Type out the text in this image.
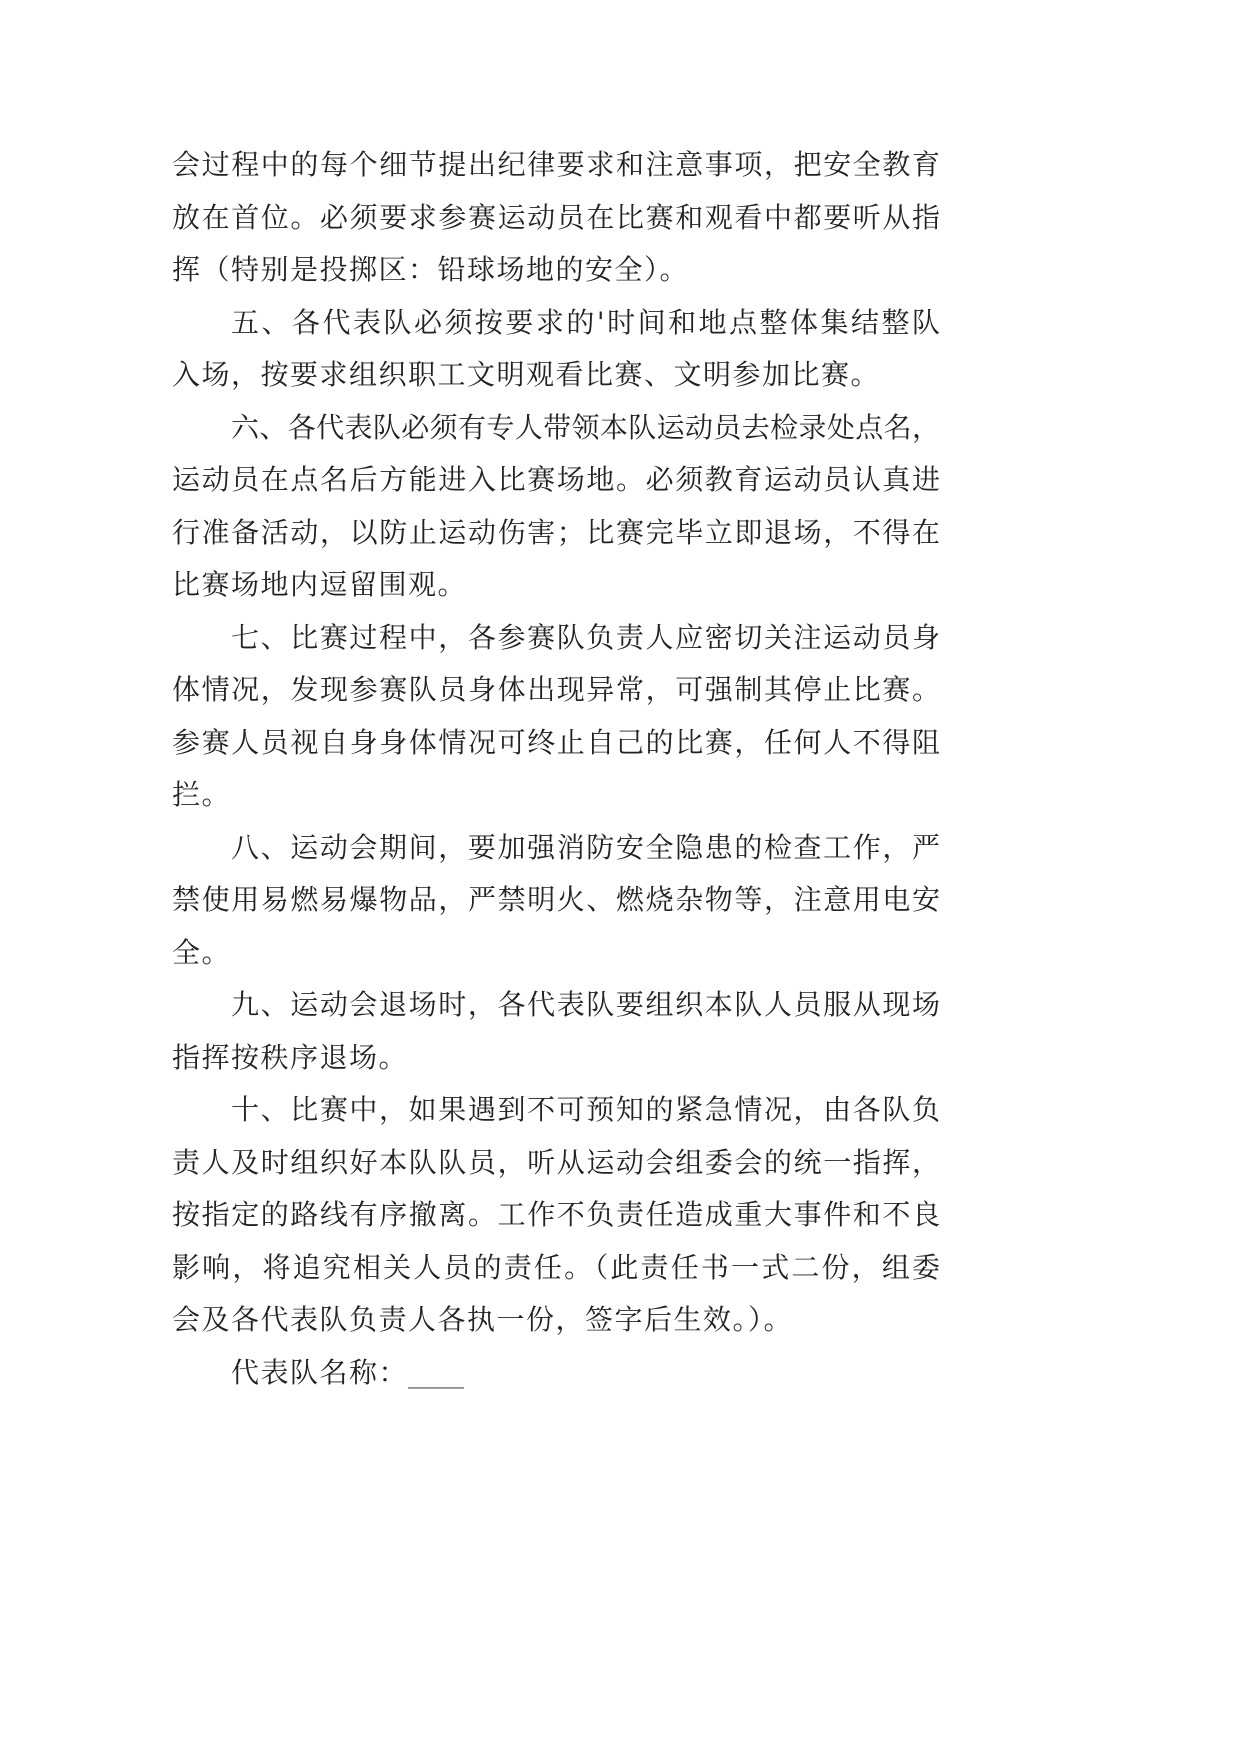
会过程中的每个细节提出纪律要求和注意事项，把安全教育
放在首位。必须要求参赛运动员在比赛和观看中都要听从指
挥（特别是投掷区：铅球场地的安全）。
五、各代表队必须按要求的'时间和地点整体集结整队
入场，按要求组织职工文明观看比赛、文明参加比赛。
六、各代表队必须有专人带领本队运动员去检录处点名，
运动员在点名后方能进入比赛场地。必须教育运动员认真进
行准备活动，以防止运动伤害；比赛完毕立即退场，不得在
比赛场地内逗留围观。
七、比赛过程中，各参赛队负责人应密切关注运动员身
体情况，发现参赛队员身体出现异常，可强制其停止比赛。
参赛人员视自身身体情况可终止自己的比赛，任何人不得阻
拦。
八、运动会期间，要加强消防安全隐患的检查工作，严
禁使用易燃易爆物品，严禁明火、燃烧杂物等，注意用电安
全。
九、运动会退场时，各代表队要组织本队人员服从现场
指挥按秩序退场。
十、比赛中，如果遇到不可预知的紧急情况，由各队负
责人及时组织好本队队员，听从运动会组委会的统一指挥，
按指定的路线有序撤离。工作不负责任造成重大事件和不良
影响，将追究相关人员的责任。（此责任书一式二份，组委
会及各代表队负责人各执一份，签字后生效。）。
代表队名称：____
